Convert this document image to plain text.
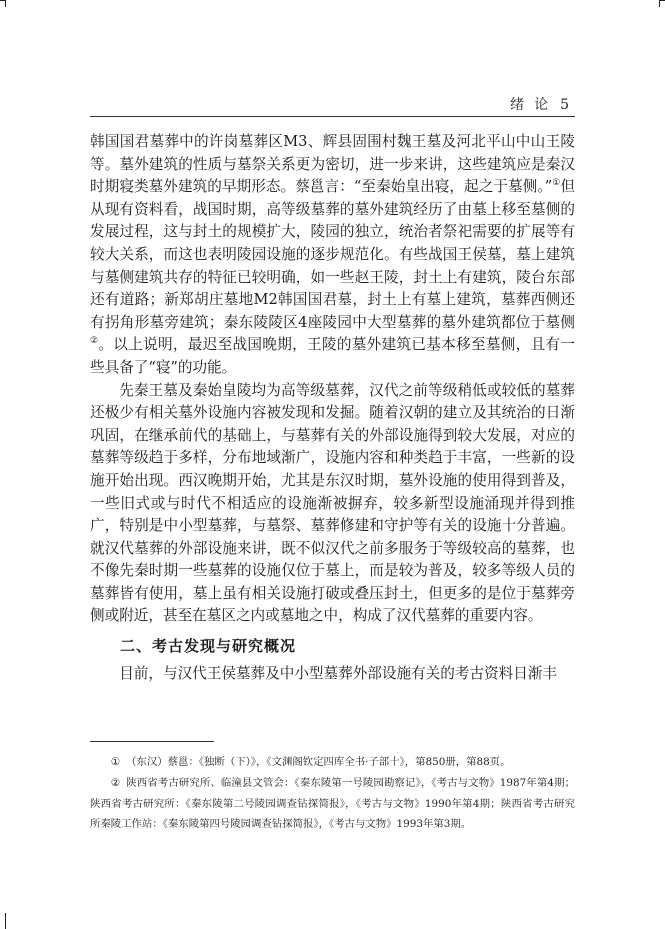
绪论 5

韩国国君墓葬中的许岗墓葬区M3、辉县固围村魏王墓及河北平山中山王陵等。墓外建筑的性质与墓祭关系更为密切，进一步来讲，这些建筑应是秦汉时期寝类墓外建筑的早期形态。蔡邕言：“至秦始皇出寝，起之于墓侧。”①但从现有资料看，战国时期，高等级墓葬的墓外建筑经历了由墓上移至墓侧的发展过程，这与封土的规模扩大，陵园的独立，统治者祭祀需要的扩展等有较大关系，而这也表明陵园设施的逐步规范化。有些战国王侯墓，墓上建筑与墓侧建筑共存的特征已较明确，如一些赵王陵，封土上有建筑，陵台东部还有道路；新郑胡庄墓地M2韩国国君墓，封土上有墓上建筑，墓葬西侧还有拐角形墓旁建筑；秦东陵陵区4座陵园中大型墓葬的墓外建筑都位于墓侧②。以上说明，最迟至战国晚期，王陵的墓外建筑已基本移至墓侧，且有一些具备了“寝”的功能。

先秦王墓及秦始皇陵均为高等级墓葬，汉代之前等级稍低或较低的墓葬还极少有相关墓外设施内容被发现和发掘。随着汉朝的建立及其统治的日渐巩固，在继承前代的基础上，与墓葬有关的外部设施得到较大发展，对应的墓葬等级趋于多样，分布地域渐广，设施内容和种类趋于丰富，一些新的设施开始出现。西汉晚期开始，尤其是东汉时期，墓外设施的使用得到普及，一些旧式或与时代不相适应的设施渐被摒弃，较多新型设施涌现并得到推广，特别是中小型墓葬，与墓祭、墓葬修建和守护等有关的设施十分普遍。就汉代墓葬的外部设施来讲，既不似汉代之前多服务于等级较高的墓葬，也不像先秦时期一些墓葬的设施仅位于墓上，而是较为普及，较多等级人员的墓葬皆有使用，墓上虽有相关设施打破或叠压封土，但更多的是位于墓葬旁侧或附近，甚至在墓区之内或墓地之中，构成了汉代墓葬的重要内容。

二、考古发现与研究概况

目前，与汉代王侯墓葬及中小型墓葬外部设施有关的考古资料日渐丰

① （东汉）蔡邕：《独断（下）》，《文渊阁钦定四库全书·子部十》，第850册，第88页。

② 陕西省考古研究所、临潼县文管会：《秦东陵第一号陵园勘察记》，《考古与文物》1987年第4期；陕西省考古研究所：《秦东陵第二号陵园调查钻探简报》，《考古与文物》1990年第4期；陕西省考古研究所秦陵工作站：《秦东陵第四号陵园调查钻探简报》，《考古与文物》1993年第3期。
